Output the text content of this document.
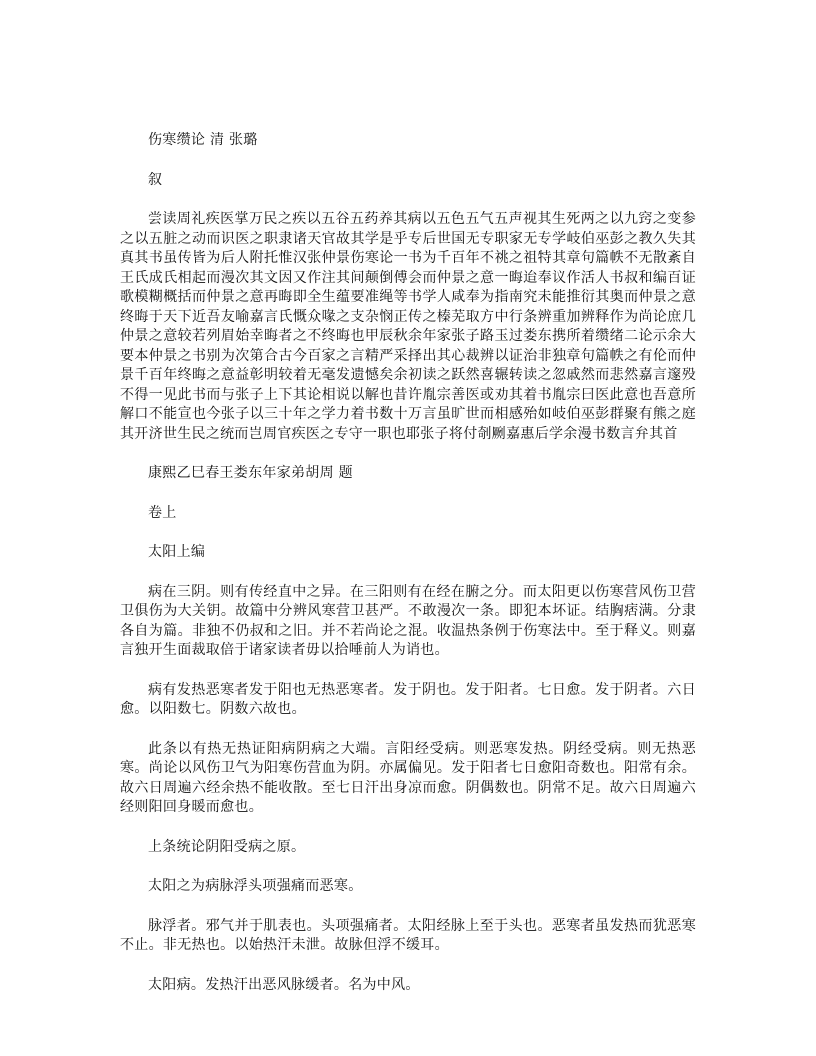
伤寒缵论 清 张璐

叙

尝读周礼疾医掌万民之疾以五谷五药养其病以五色五气五声视其生死两之以九窍之变参之以五脏之动而识医之职隶诸天官故其学是乎专后世国无专职家无专学岐伯巫彭之教久失其真其书虽传皆为后人附托惟汉张仲景伤寒论一书为千百年不祧之祖特其章句篇帙不无散紊自王氏成氏相起而漫次其文因又作注其间颠倒傅会而仲景之意一晦迨奉议作活人书叔和编百证歌模糊概括而仲景之意再晦即全生蕴要准绳等书学人咸奉为指南究未能推衍其奥而仲景之意终晦于天下近吾友喻嘉言氏慨众喙之支杂悯正传之榛芜取方中行条辨重加辨释作为尚论庶几仲景之意较若列眉始幸晦者之不终晦也甲辰秋余年家张子路玉过娄东携所着缵绪二论示余大要本仲景之书别为次第合古今百家之言精严采择出其心裁辨以证治非独章句篇帙之有伦而仲景千百年终晦之意益彰明较着无毫发遗憾矣余初读之跃然喜辗转读之忽戚然而悲然嘉言邃殁不得一见此书而与张子上下其论相说以解也昔许胤宗善医或劝其着书胤宗曰医此意也吾意所解口不能宣也今张子以三十年之学力着书数十万言虽旷世而相感殆如岐伯巫彭群聚有熊之庭其开济世生民之统而岂周官疾医之专守一职也耶张子将付剞劂嘉惠后学余漫书数言弁其首

康熙乙巳春王娄东年家弟胡周 题

卷上

太阳上编

病在三阴。则有传经直中之异。在三阳则有在经在腑之分。而太阳更以伤寒营风伤卫营卫俱伤为大关钥。故篇中分辨风寒营卫甚严。不敢漫次一条。即犯本坏证。结胸痞满。分隶各自为篇。非独不仍叔和之旧。并不若尚论之混。收温热条例于伤寒法中。至于释义。则嘉言独开生面裁取倍于诸家读者毋以拾唾前人为诮也。

病有发热恶寒者发于阳也无热恶寒者。发于阴也。发于阳者。七日愈。发于阴者。六日愈。以阳数七。阴数六故也。

此条以有热无热证阳病阴病之大端。言阳经受病。则恶寒发热。阴经受病。则无热恶寒。尚论以风伤卫气为阳寒伤营血为阴。亦属偏见。发于阳者七日愈阳奇数也。阳常有余。故六日周遍六经余热不能收散。至七日汗出身凉而愈。阴偶数也。阴常不足。故六日周遍六经则阳回身暖而愈也。

上条统论阴阳受病之原。

太阳之为病脉浮头项强痛而恶寒。

脉浮者。邪气并于肌表也。头项强痛者。太阳经脉上至于头也。恶寒者虽发热而犹恶寒不止。非无热也。以始热汗未泄。故脉但浮不缓耳。

太阳病。发热汗出恶风脉缓者。名为中风。
